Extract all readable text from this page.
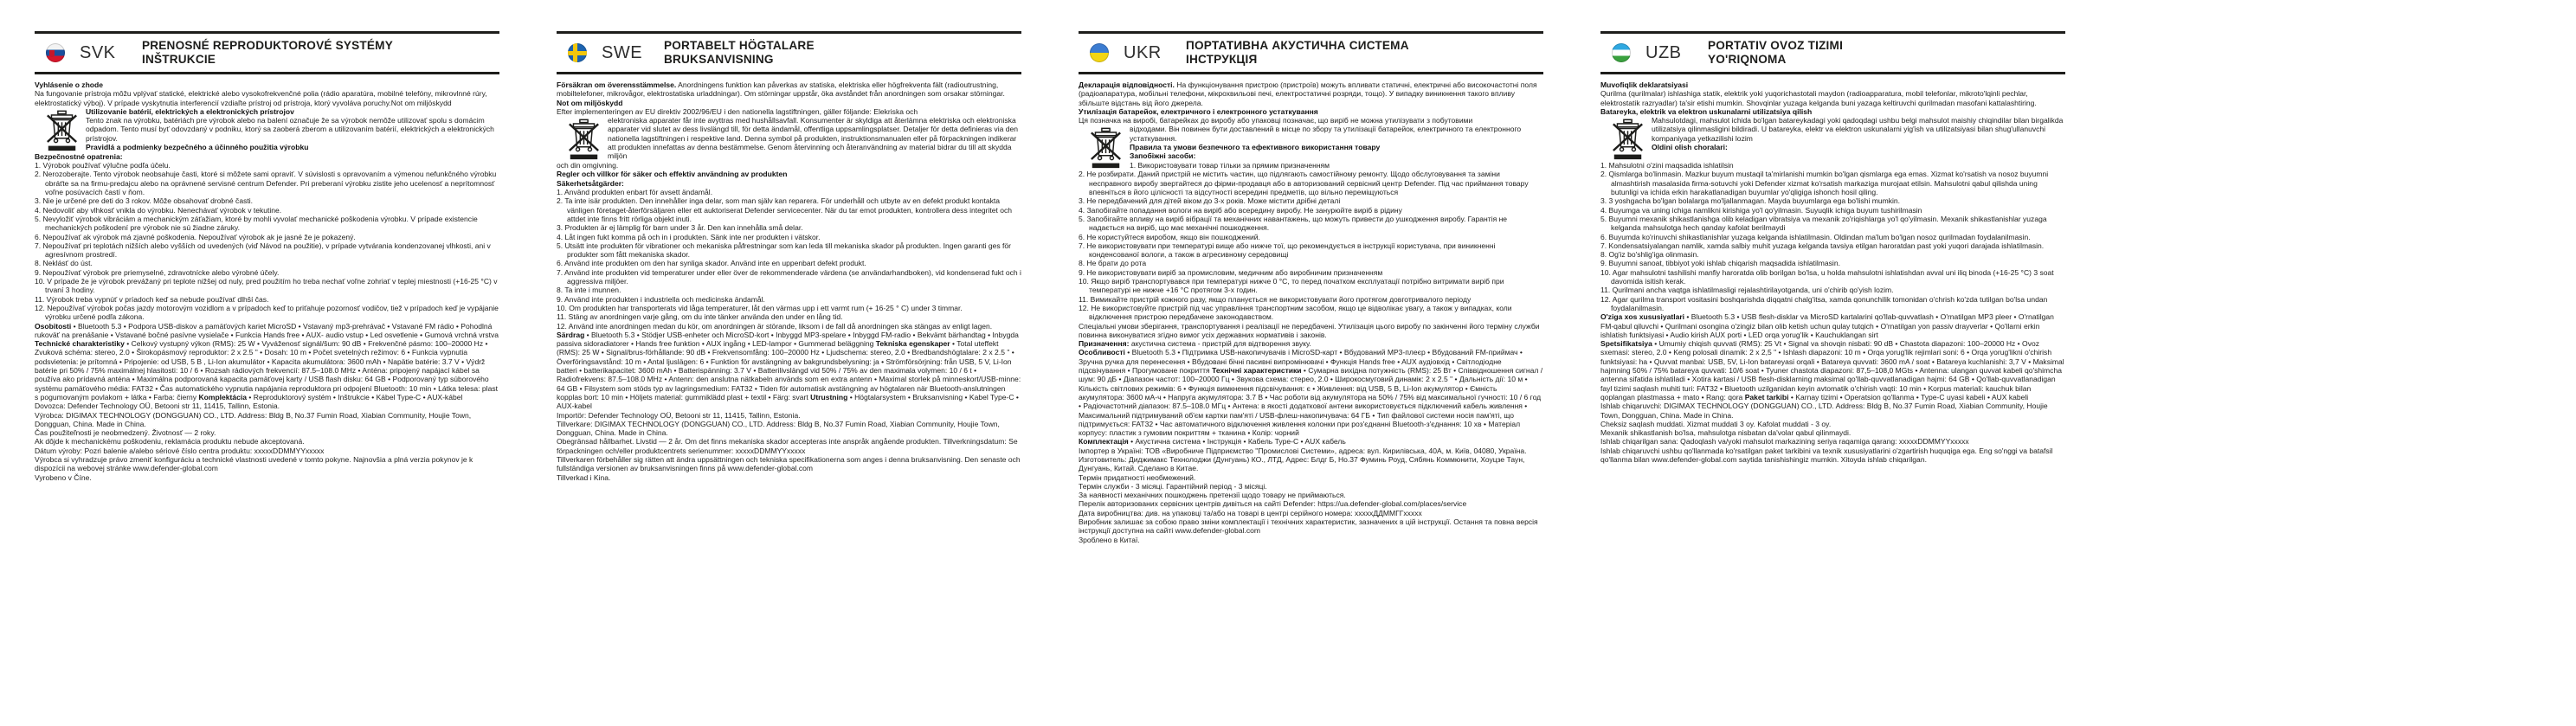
SVK	PRENOSNÉ REPRODUKTOROVÉ SYSTÉMY
INŠTRUKCIE

Vyhlásenie o zhode

Na fungovanie prístroja môžu vplývať statické, elektrické alebo vysokofrekvenčné polia (rádio aparatúra, mobilné telefóny, mikrovlnné rúry, elektrostatický výboj). V prípade vyskytnutia interferencií vzdiaľte prístroj od prístroja, ktorý vyvoláva poruchy.Not om miljöskydd

Utilizovanie batérií, elektrických a elektronických prístrojov

Tento znak na výrobku, batériách pre výrobok alebo na balení označuje že sa výrobok nemôže utilizovať spolu s domácim odpadom. Tento musí byť odovzdaný v podniku, ktorý sa zaoberá zberom a utilizovaním batérií, elektrických a elektronických prístrojov.

Pravidlá a podmienky bezpečného a účinného použitia výrobku

Bezpečnostné opatrenia:

1. Výrobok používať výlučne podľa účelu.

2. Nerozoberajte. Tento výrobok neobsahuje časti, ktoré si môžete sami opraviť. V súvislosti s opravovaním a výmenou nefunkčného výrobku obráťte sa na firmu-predajcu alebo na oprávnené servisné centrum Defender. Pri preberaní výrobku zistite jeho ucelenosť a neprítomnosť voľne posúvacích častí v ňom.

3. Nie je určené pre deti do 3 rokov. Môže obsahovať drobné časti.

4. Nedovoliť aby vlhkosť vnikla do výrobku. Nenechávať výrobok v tekutine.

5. Nevyložiť výrobok vibráciám a mechanickým záťažiam, ktoré by mohli vyvolať mechanické poškodenia výrobku. V prípade existencie mechanických poškodení pre výrobok nie sú žiadne záruky.

6. Nepoužívať ak výrobok má zjavné poškodenia. Nepoužívať výrobok ak je jasné že je pokazený.

7. Nepoužívať pri teplotách nižších alebo vyšších od uvedených (viď Návod na použitie), v prípade vytvárania kondenzovanej vlhkosti, ani v agresívnom prostredí.

8. Neklásť do úst.

9. Nepoužívať výrobok pre priemyselné, zdravotnícke alebo výrobné účely.

10. V prípade že je výrobok prevážaný pri teplote nižšej od nuly, pred použitím ho treba nechať voľne zohriať v teplej miestnosti (+16-25 °C) v trvaní 3 hodiny.

11. Výrobok treba vypnúť v príadoch keď sa nebude používať dlhší čas.

12. Nepoužívať výrobok počas jazdy motorovým vozidlom a v prípadoch keď to priťahuje pozornosť vodičov, tiež v prípadoch keď je vypájanie výrobku určené podľa zákona.

Osobitosti • Bluetooth 5.3 • Podpora USB-diskov a pamäťových kariet MicroSD • Vstavaný mp3-prehrávač • Vstavané FM rádio • Pohodlná rukoväť na prenášanie • Vstavané bočné pasívne vysielače • Funkcia Hands free • AUX- audio vstup • Led osvetlenie • Gumová vrchná vrstva Technické charakteristiky • Celkový vystupný výkon (RMS): 25 W • Vyváženosť signál/šum: 90 dB • Frekvenčné pásmo: 100–20000 Hz • Zvuková schéma: stereo, 2.0 • Širokopásmový reproduktor: 2 x 2.5 " • Dosah: 10 m • Počet svetelných režimov: 6 • Funkcia vypnutia podsvietenia: je prítomná • Pripojenie: od USB, 5 B , Li-Ion akumulátor • Kapacita akumulátora: 3600 mAh • Napätie batérie: 3.7 V • Výdrž batérie pri 50% / 75% maximálnej hlasitosti: 10 / 6 • Rozsah rádiových frekvencií: 87.5–108.0 MHz • Anténa: pripojený napájací kábel sa používa ako prídavná anténa • Maximálna podporovaná kapacita pamäťovej karty / USB flash disku: 64 GB • Podporovaný typ súborového systému pamäťového média: FAT32 • Čas automatického vypnutia napájania reproduktora pri odpojení Bluetooth: 10 min • Látka telesa: plast s pogumovaným povlakom + látka • Farba: čierny Komplektácia • Reproduktorový systém • Inštrukcie • Kábel Type-C • AUX-kábel

Dovozca: Defender Technology OÜ, Betooni str 11, 11415, Tallinn, Estonia.

Výrobca: DIGIMAX TECHNOLOGY (DONGGUAN) CO., LTD. Address: Bldg B, No.37 Fumin Road, Xiabian Community, Houjie Town, Dongguan, China. Made in China.

Čas použiteľnosti je neobmedzený. Životnosť — 2 roky.

Ak dôjde k mechanickému poškodeniu, reklamácia produktu nebude akceptovaná.

Dátum výroby: Pozri balenie a/alebo sériové číslo centra produktu: xxxxxDDMMYYxxxxx

Výrobca si vyhradzuje právo zmeniť konfiguráciu a technické vlastnosti uvedené v tomto pokyne. Najnovšia a plná verzia pokynov je k dispozícii na webovej stránke www.defender-global.com

Vyrobeno v Číne.

SWE	PORTABELT HÖGTALARE
BRUKSANVISNING

Försäkran om överensstämmelse. Anordningens funktion kan påverkas av statiska, elektriska eller högfrekventa fält (radioutrustning, mobiltelefoner, mikrovågor, elektrostatiska urladdningar). Om störningar uppstår, öka avståndet från anordningen som orsakar störningar.

Not om miljöskydd

Efter implementeringen av EU direktiv 2002/96/EU i den nationella lagstiftningen, gäller följande: Elekriska och

elektroniska apparater får inte avyttras med hushållsavfall. Konsumenter är skyldiga att återlämna elektriska och elektroniska apparater vid slutet av dess livslängd till, för detta ändamål, offentliga uppsamlingsplatser. Detaljer för detta definieras via den nationella lagstiftningen i respektive land. Denna symbol på produkten, instruktionsmanualen eller på förpackningen indikerar att produkten innefattas av denna bestämmelse. Genom återvinning och återanvändning av material bidrar du till att skydda miljön

och din omgivning.

Regler och villkor för säker och effektiv användning av produkten

Säkerhetsåtgärder:

1. Använd produkten enbart för avsett ändamål.

2. Ta inte isär produkten. Den innehåller inga delar, som man själv kan reparera. För underhåll och utbyte av en defekt produkt kontakta vänligen företaget-återförsäljaren eller ett auktoriserat Defender servicecenter. När du tar emot produkten, kontrollera dess integritet och attdet inte finns fritt rörliga objekt inuti.

3. Produkten är ej lämplig för barn under 3 år. Den kan innehålla små delar.

4. Låt ingen fukt komma på och in i produkten. Sänk inte ner produkten i vätskor.

5. Utsätt inte produkten för vibrationer och mekaniska påfrestningar som kan leda till mekaniska skador på produkten. Ingen garanti ges för produkter som fått mekaniska skador.

6. Använd inte produkten om den har synliga skador. Använd inte en uppenbart defekt produkt.

7. Använd inte produkten vid temperaturer under eller över de rekommenderade värdena (se användarhandboken), vid kondenserad fukt och i aggressiva miljöer.

8. Ta inte i munnen.

9. Använd inte produkten i industriella och medicinska ändamål.

10. Om produkten har transporterats vid låga temperaturer, låt den värmas upp i ett varmt rum (+ 16-25 ° C) under 3 timmar.

11. Stäng av anordningen varje gång, om du inte tänker använda den under en lång tid.

12. Använd inte anordningen medan du kör, om anordningen är störande, liksom i de fall då anordningen ska stängas av enligt lagen.

Särdrag • Bluetooth 5.3 • Stödjer USB-enheter och MicroSD-kort • Inbyggd MP3-spelare • Inbyggd FM-radio • Bekvämt bärhandtag • Inbygda passiva sidoradiatorer • Hands free funktion • AUX ingång • LED-lampor • Gummerad beläggning Tekniska egenskaper • Total uteffekt (RMS): 25 W • Signal/brus-förhållande: 90 dB • Frekvensomfång: 100–20000 Hz • Ljudschema: stereo, 2.0 • Bredbandshögtalare: 2 x 2.5 " • Överföringsavstånd: 10 m • Antal ljuslägen: 6 • Funktion för avstängning av bakgrundsbelysning: ja • Strömförsörjning: från USB, 5 V, Li-Ion batteri • batterikapacitet: 3600 mAh • Batterispänning: 3.7 V • Batterilivslängd vid 50% / 75% av den maximala volymen: 10 / 6 t • Radiofrekvens: 87.5–108.0 MHz • Antenn: den anslutna nätkabeln används som en extra antenn • Maximal storlek på minneskort/USB-minne: 64 GB • Filsystem som stöds typ av lagringsmedium: FAT32 • Tiden för automatisk avstängning av högtalaren när Bluetooth-anslutningen kopplas bort: 10 min • Höljets material: gummiklädd plast + textil • Färg: svart Utrustning • Högtalarsystem • Bruksanvisning • Kabel Type-C • AUX-kabel

Importör: Defender Technology OÜ, Betooni str 11, 11415, Tallinn, Estonia.

Tillverkare: DIGIMAX TECHNOLOGY (DONGGUAN) CO., LTD. Address: Bldg B, No.37 Fumin Road, Xiabian Community, Houjie Town, Dongguan, China. Made in China.

Obegränsad hållbarhet. Livstid — 2 år. Om det finns mekaniska skador accepteras inte anspråk angående produkten. Tillverkningsdatum: Se förpackningen och/eller produktcentrets serienummer: xxxxxDDMMYYxxxxx

Tillverkaren förbehåller sig rätten att ändra uppsättningen och tekniska specifikationerna som anges i denna bruksanvisning. Den senaste och fullständiga versionen av bruksanvisningen finns på www.defender-global.com

Tillverkad i Kina.

UKR	ПОРТАТИВНА АКУСТИЧНА СИСТЕМА
ІНСТРУКЦІЯ

Декларація відповідності. На функціонування пристрою (пристроїв) можуть впливати статичні, електричні або високочастотні поля (радіоапаратура, мобільні телефони, мікрохвильові печі, електростатичні розряди, тощо). У випадку виникнення такого впливу збільште відстань від його джерела.

Утилізація батарейок, електричного і електронного устаткування

Ця позначка на виробі, батарейках до виробу або упаковці позначає, що виріб не можна утилізувати з побутовими

відходами. Він повинен бути доставлений в місце по збору та утилізації батарейок, електричного та електронного устаткування.

Правила та умови безпечного та ефективного використання товару

Запобіжні засоби:

1. Використовувати товар тільки за прямим призначенням

2. Не розбирати. Даний пристрій не містить частин, що підлягають самостійному ремонту. Щодо обслуговування та заміни несправного виробу звертайтеся до фірми-продавця або в авторизований сервісний центр Defender. Під час приймання товару впевніться в його цілісності та відсутності всередині предметів, що вільно переміщуються

3. Не передбачений для дітей віком до 3-х років. Може містити дрібні деталі

4. Запобігайте попадання вологи на виріб або всередину виробу. Не занурюйте виріб в рідину

5. Запобігайте впливу на виріб вібрації та механічних навантажень, що можуть привести до ушкодження виробу. Гарантія не надається на виріб, що має механічні пошкодження.

6. Не користуйтеся виробом, якщо він пошкоджений.

7. Не використовувати при температурі вище або нижче тої, що рекомендується в інструкції користувача, при виникненні конденсованої вологи, а також в агресивному середовищі

8. Не брати до рота

9. Не використовувати виріб за промисловим, медичним або виробничим призначенням

10. Якщо виріб транспортувався при температурі нижче 0 °С, то перед початком експлуатації потрібно витримати виріб при температурі не нижче +16 °С протягом 3-х годин.

11. Вимикайте пристрій кожного разу, якщо планується не використовувати його протягом довготривалого періоду

12. Не використовуйте пристрій під час управління транспортним засобом, якщо це відволікає увагу, а також у випадках, коли відключення пристрою передбачене законодавством.

Спеціальні умови зберігання, транспортування і реалізації не передбачені. Утилізація цього виробу по закінченні його терміну служби повинна виконуватися згідно вимог усіх державних нормативів і законів.

Призначення: акустична система - пристрій для відтворення звуку.

Особливості • Bluetooth 5.3 • Підтримка USB-накопичувачів і MicroSD-карт • Вбудований MP3-плеєр • Вбудований FM-приймач • Зручна ручка для перенесення • Вбудовані бічні пасивні випромінювачі • Функція Hands free • AUX аудіовхід • Світлодіодне підсвічування • Прогумоване покриття Технічні характеристики • Сумарна вихідна потужність (RMS): 25 Вт • Співвідношення сигнал / шум: 90 дБ • Діапазон частот: 100–20000 Гц • Звукова схема: стерео, 2.0 • Широкосмуговий динамік: 2 x 2.5 " • Дальність дії: 10 м • Кількість світлових режимів: 6 • Функція вимкнення підсвічування: є • Живлення: від USB, 5 В, Li-Ion акумулятор • Ємність акумулятора: 3600 мА-ч • Напруга акумулятора: 3.7 В • Час роботи від акумулятора на 50% / 75% від максимальної гучності: 10 / 6 год • Радіочастотний діапазон: 87.5–108.0 МГц • Антена: в якості додаткової антени використовується підключений кабель живлення • Максимальний підтримуваний об'єм картки пам'яті / USB-флеш-накопичувача: 64 ГБ • Тип файлової системи носія пам'яті, що підтримується: FAT32 • Час автоматичного відключення живлення колонки при роз'єднанні Bluetooth-з'єднання: 10 хв • Матеріал корпусу: пластик з гумовим покриттям + тканина • Колір: чорний

Комплектація • Акустична система • Інструкція • Кабель Type-C • AUX кабель

Імпортер в Україні: ТОВ «Виробниче Підприємство "Промислові Системи», адреса: вул. Кирилівська, 40А, м. Київ, 04080, Україна.

Изготовитель: Диджимакс Технолоджи (Дунгуань) КО., ЛТД, Адрес: Блдг Б, Но.37 Фуминь Роуд, Сябянь Коммюнити, Хоуцзе Таун, Дунгуань, Китай. Сделано в Китае.

Термін придатності необмежений.

Термін служби - 3 місяці. Гарантійний період - 3 місяці.

За наявності механічних пошкоджень претензії щодо товару не приймаються.

Перелік авторизованих сервісних центрів дивіться на сайті Defender: https://ua.defender-global.com/places/service

Дата виробництва: див. на упаковці та/або на товарі в центрі серійного номера: xxxxxДДММГГxxxxx

Виробник залишає за собою право зміни комплектації і технічних характеристик, зазначених в цій інструкції. Остання та повна версія інструкції доступна на сайті www.defender-global.com

Зроблено в Китаї.

UZB	PORTATIV OVOZ TIZIMI
YO'RIQNOMA

Muvofiqlik deklaratsiyasi

Qurilma (qurilmalar) ishlashiga statik, elektrik yoki yuqorichastotali maydon (radioapparatura, mobil telefonlar, mikroto'lqinli pechlar, elektrostatik razryadlar) ta'sir etishi mumkin. Shovqinlar yuzaga kelganda buni yazaga keltiruvchi qurilmadan masofani kattalashtiring.

Batareyka, elektrik va elektron uskunalarni utilizatsiya qilish

Mahsulotdagi, mahsulot ichida bo'lgan batareykadagi yoki qadoqdagi ushbu belgi mahsulot maishiy chiqindilar bilan birgalikda utilizatsiya qilinmasligini bildiradi. U batareyka, elektr va elektron uskunalarni yig'ish va utilizatsiyasi bilan shug'ullanuvchi kompaniyaga yetkazilishi lozim

Oldini olish choralari:

1. Mahsulotni o'zini maqsadida ishlatilsin

2. Qismlarga bo'linmasin. Mazkur buyum mustaqil ta'mirlanishi mumkin bo'lgan qismlarga ega emas. Xizmat ko'rsatish va nosoz buyumni almashtirish masalasida firma-sotuvchi yoki Defender xizmat ko'rsatish markaziga murojaat etilsin. Mahsulotni qabul qilishda uning butunligi va ichida erkin harakatlanadigan buyumlar yo'qligiga ishonch hosil qiling.

3. 3 yoshgacha bo'lgan bolalarga mo'ljallanmagan. Mayda buyumlarga ega bo'lishi mumkin.

4. Buyumga va uning ichiga namlikni kirishiga yo'l qo'yilmasin. Suyuqlik ichiga buyum tushirilmasin

5. Buyumni mexanik shikastlanishga olib keladigan vibratsiya va mexanik zo'riqishlarga yo'l qo'yilmasin. Mexanik shikastlanishlar yuzaga kelganda mahsulotga hech qanday kafolat berilmaydi

6. Buyumda ko'rinuvchi shikastlanishlar yuzaga kelganda ishlatilmasin. Oldindan ma'lum bo'lgan nosoz qurilmadan foydalanilmasin.

7. Kondensatsiyalangan namlik, xamda salbiy muhit yuzaga kelganda tavsiya etilgan haroratdan past yoki yuqori darajada ishlatilmasin.

8. Og'iz bo'shlig'iga olinmasin.

9. Buyumni sanoat, tibbiyot yoki ishlab chiqarish maqsadida ishlatilmasin.

10. Agar mahsulotni tashilishi manfiy haroratda olib borilgan bo'lsa, u holda mahsulotni ishlatishdan avval uni iliq binoda (+16-25 °C) 3 soat davomida isitish kerak.

11. Qurilmani ancha vaqtga ishlatilmasligi rejalashtirilayotganda, uni o'chirib qo'yish lozim.

12. Agar qurilma transport vositasini boshqarishda diqqatni chalg'itsa, xamda qonunchilik tomonidan o'chrish ko'zda tutilgan bo'lsa undan foydalanilmasin.

O'ziga xos xususiyatlari • Bluetooth 5.3 • USB flesh-disklar va MicroSD kartalarini qo'llab-quvvatlash • O'rnatilgan MP3 pleer • O'rnatilgan FM-qabul qiluvchi • Qurilmani osongina o'zingiz bilan olib ketish uchun qulay tutqich • O'rnatilgan yon passiv drayverlar • Qo'llarni erkin ishlatish funktsiyasi • Audio kirish AUX porti • LED orqa yorug'lik • Kauchuklangan sirt

Spetsifikatsiya • Umumiy chiqish quvvati (RMS): 25 Vt • Signal va shovqin nisbati: 90 dB • Chastota diapazoni: 100–20000 Hz • Ovoz sxemasi: stereo, 2.0 • Keng polosali dinamik: 2 x 2,5 " • Ishlash diapazoni: 10 m • Orqa yorug'lik rejimlari soni: 6 • Orqa yorug'likni o'chirish funktsiyasi: ha • Quvvat manbai: USB, 5V, Li-Ion batareyasi orqali • Batareya quvvati: 3600 mA / soat • Batareya kuchlanishi: 3,7 V • Maksimal hajmning 50% / 75% batareya quvvati: 10/6 soat • Tyuner chastota diapazoni: 87,5–108,0 MGts • Antenna: ulangan quvvat kabeli qo'shimcha antenna sifatida ishlatiladi • Xotira kartasi / USB flesh-disklarning maksimal qo'llab-quvvatlanadigan hajmi: 64 GB • Qo'llab-quvvatlanadigan fayl tizimi saqlash muhiti turi: FAT32 • Bluetooth uzilganidan keyin avtomatik o'chirish vaqti: 10 min • Korpus materiali: kauchuk bilan qoplangan plastmassa + mato • Rang: qora Paket tarkibi • Karnay tizimi • Operatsion qo'llanma • Type-C uyasi kabeli • AUX kabeli

Ishlab chiqaruvchi: DIGIMAX TECHNOLOGY (DONGGUAN) CO., LTD. Address: Bldg B, No.37 Fumin Road, Xiabian Community, Houjie Town, Dongguan, China. Made in China.

Cheksiz saqlash muddati. Xizmat muddati 3 oy. Kafolat muddati - 3 oy.

Mexanik shikastlanish bo'lsa, mahsulotga nisbatan da'volar qabul qilinmaydi.

Ishlab chiqarilgan sana: Qadoqlash va/yoki mahsulot markazining seriya raqamiga qarang: xxxxxDDMMYYxxxxx

Ishlab chiqaruvchi ushbu qo'llanmada ko'rsatilgan paket tarkibini va texnik xususiyatlarini o'zgartirish huquqiga ega. Eng so'nggi va batafsil qo'llanma bilan www.defender-global.com saytida tanishishingiz mumkin. Xitoyda ishlab chiqarilgan.
